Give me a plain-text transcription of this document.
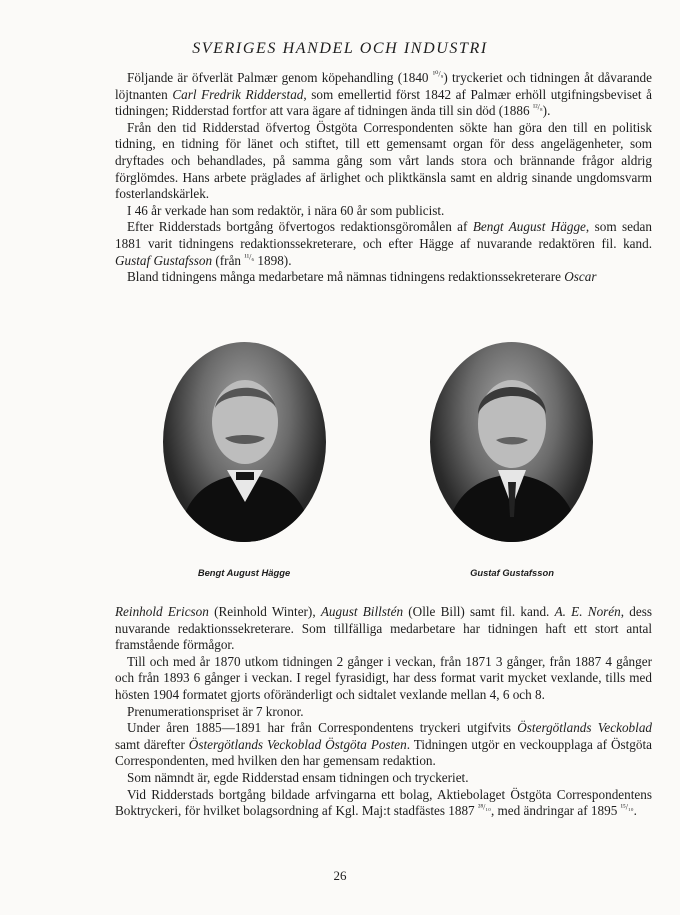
SVERIGES HANDEL OCH INDUSTRI

Följande är öfverlät Palmær genom köpehandling (1840 $^{^{10}/_9}$) tryckeriet och tidningen åt dåvarande löjtnanten Carl Fredrik Ridderstad, som emellertid först 1842 af Palmær erhöll utgifningsbeviset å tidningen; Ridderstad fortfor att vara ägare af tidningen ända till sin död (1886 $^{^{12}/_8}$).

Från den tid Ridderstad öfvertog Östgöta Correspondenten sökte han göra den till en politisk tidning, en tidning för länet och stiftet, till ett gemensamt organ för dess angelägenheter, som dryftades och behandlades, på samma gång som vårt lands stora och brännande frågor aldrig förglömdes. Hans arbete präglades af ärlighet och pliktkänsla samt en aldrig sinande ungdomsvarm fosterlandskärlek.

I 46 år verkade han som redaktör, i nära 60 år som publicist.

Efter Ridderstads bortgång öfvertogos redaktionsgöromålen af Bengt August Hägge, som sedan 1881 varit tidningens redaktionssekreterare, och efter Hägge af nuvarande redaktören fil. kand. Gustaf Gustafsson (från $^{^{11}/_6}$ 1898).

Bland tidningens många medarbetare må nämnas tidningens redaktionssekreterare Oscar

Bengt August Hägge	Gustaf Gustafsson

Reinhold Ericson (Reinhold Winter), August Billstén (Olle Bill) samt fil. kand. A. E. Norén, dess nuvarande redaktionssekreterare. Som tillfälliga medarbetare har tidningen haft ett stort antal framstående förmågor.

Till och med år 1870 utkom tidningen 2 gånger i veckan, från 1871 3 gånger, från 1887 4 gånger och från 1893 6 gånger i veckan. I regel fyrasidigt, har dess format varit mycket vexlande, tills med hösten 1904 formatet gjorts oföränderligt och sidtalet vexlande mellan 4, 6 och 8.

Prenumerationspriset är 7 kronor.

Under åren 1885—1891 har från Correspondentens tryckeri utgifvits Östergötlands Veckoblad samt därefter Östergötlands Veckoblad Östgöta Posten. Tidningen utgör en veckoupplaga af Östgöta Correspondenten, med hvilken den har gemensam redaktion.

Som nämndt är, egde Ridderstad ensam tidningen och tryckeriet.

Vid Ridderstads bortgång bildade arfvingarna ett bolag, Aktiebolaget Östgöta Correspondentens Boktryckeri, för hvilket bolagsordning af Kgl. Maj:t stadfästes 1887 $^{^{28}/_{10}}$, med ändringar af 1895 $^{^{15}/_{10}}$.

26
